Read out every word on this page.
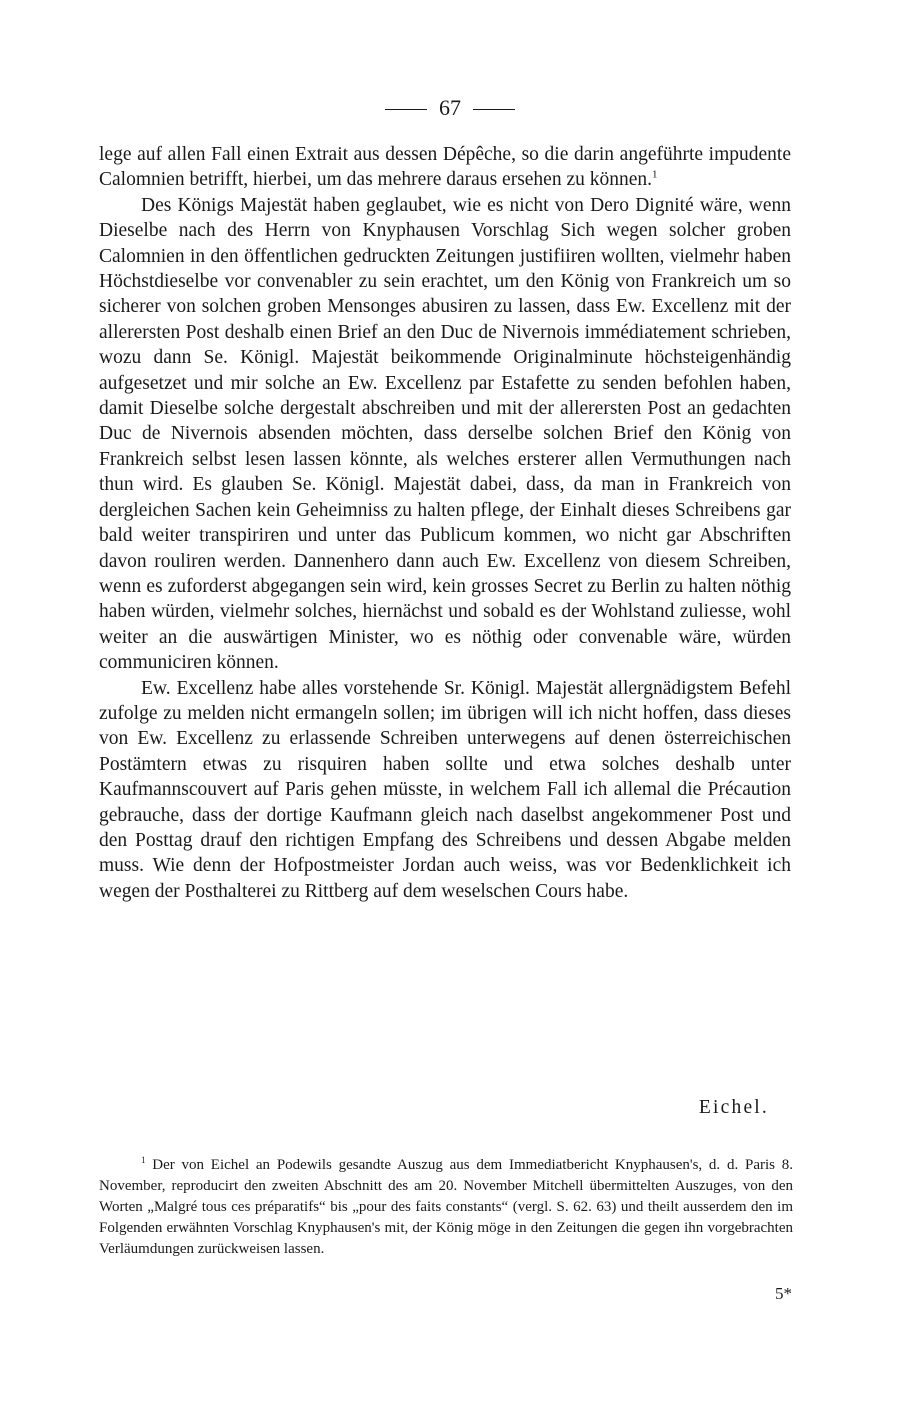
67

lege auf allen Fall einen Extrait aus dessen Dépêche, so die darin angeführte impudente Calomnien betrifft, hierbei, um das mehrere daraus ersehen zu können.$^1$

Des Königs Majestät haben geglaubet, wie es nicht von Dero Dignité wäre, wenn Dieselbe nach des Herrn von Knyphausen Vorschlag Sich wegen solcher groben Calomnien in den öffentlichen gedruckten Zeitungen justifiiren wollten, vielmehr haben Höchstdieselbe vor convenabler zu sein erachtet, um den König von Frankreich um so sicherer von solchen groben Mensonges abusiren zu lassen, dass Ew. Excellenz mit der allerersten Post deshalb einen Brief an den Duc de Nivernois immédiatement schrieben, wozu dann Se. Königl. Majestät beikommende Originalminute höchsteigenhändig aufgesetzet und mir solche an Ew. Excellenz par Estafette zu senden befohlen haben, damit Dieselbe solche dergestalt abschreiben und mit der allerersten Post an gedachten Duc de Nivernois absenden möchten, dass derselbe solchen Brief den König von Frankreich selbst lesen lassen könnte, als welches ersterer allen Vermuthungen nach thun wird. Es glauben Se. Königl. Majestät dabei, dass, da man in Frankreich von dergleichen Sachen kein Geheimniss zu halten pflege, der Einhalt dieses Schreibens gar bald weiter transpiriren und unter das Publicum kommen, wo nicht gar Abschriften davon rouliren werden. Dannenhero dann auch Ew. Excellenz von diesem Schreiben, wenn es zuforderst abgegangen sein wird, kein grosses Secret zu Berlin zu halten nöthig haben würden, vielmehr solches, hiernächst und sobald es der Wohlstand zuliesse, wohl weiter an die auswärtigen Minister, wo es nöthig oder convenable wäre, würden communiciren können.

Ew. Excellenz habe alles vorstehende Sr. Königl. Majestät allergnädigstem Befehl zufolge zu melden nicht ermangeln sollen; im übrigen will ich nicht hoffen, dass dieses von Ew. Excellenz zu erlassende Schreiben unterwegens auf denen österreichischen Postämtern etwas zu risquiren haben sollte und etwa solches deshalb unter Kaufmannscouvert auf Paris gehen müsste, in welchem Fall ich allemal die Précaution gebrauche, dass der dortige Kaufmann gleich nach daselbst angekommener Post und den Posttag drauf den richtigen Empfang des Schreibens und dessen Abgabe melden muss. Wie denn der Hofpostmeister Jordan auch weiss, was vor Bedenklichkeit ich wegen der Posthalterei zu Rittberg auf dem weselschen Cours habe.

Eichel.
$^1$ Der von Eichel an Podewils gesandte Auszug aus dem Immediatbericht Knyphausen's, d. d. Paris 8. November, reproducirt den zweiten Abschnitt des am 20. November Mitchell übermittelten Auszuges, von den Worten „Malgré tous ces préparatifs“ bis „pour des faits constants“ (vergl. S. 62. 63) und theilt ausserdem den im Folgenden erwähnten Vorschlag Knyphausen's mit, der König möge in den Zeitungen die gegen ihn vorgebrachten Verläumdungen zurückweisen lassen.
5*
